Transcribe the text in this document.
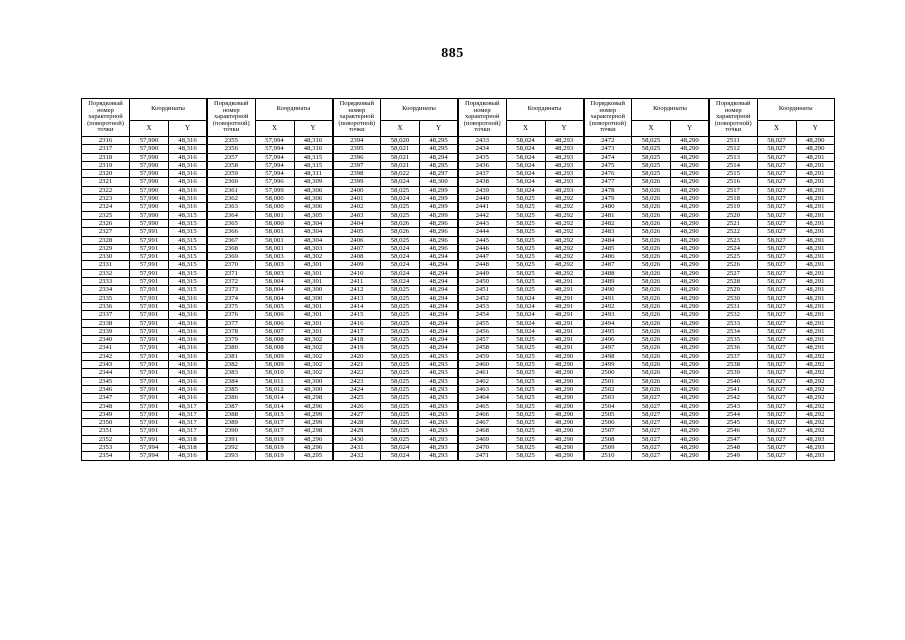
885
Порядковый номер характерной (поворотной) точки	Координаты		Порядковый номер характерной (поворотной) точки	Координаты		Порядковый номер характерной (поворотной) точки	Координаты		Порядковый номер характерной (поворотной) точки	Координаты		Порядковый номер характерной (поворотной) точки	Координаты		Порядковый номер характерной (поворотной) точки	Координаты	
	X	Y		X	Y		X	Y		X	Y		X	Y		X	Y
2316	57,990	48,316	2355	57,994	48,316	2394	58,020	48,295	2433	58,024	48,293	2472	58,025	48,290	2511	58,027	48,290
2317	57,990	48,316	2356	57,994	48,316	2395	58,021	48,295	2434	58,024	48,293	2473	58,025	48,290	2512	58,027	48,290
2318	57,990	48,316	2357	57,994	48,315	2396	58,021	48,294	2435	58,024	48,293	2474	58,025	48,290	2513	58,027	48,291
2319	57,990	48,316	2358	57,994	48,315	2397	58,021	48,295	2436	58,024	48,293	2475	58,025	48,290	2514	58,027	48,291
2320	57,990	48,316	2359	57,994	48,311	2398	58,022	48,297	2437	58,024	48,293	2476	58,025	48,290	2515	58,027	48,291
2321	57,990	48,316	2360	57,996	48,309	2399	58,024	48,300	2438	58,024	48,293	2477	58,026	48,290	2516	58,027	48,291
2322	57,990	48,316	2361	57,999	48,306	2400	58,025	48,299	2439	58,024	48,293	2478	58,026	48,290	2517	58,027	48,291
2323	57,990	48,316	2362	58,000	48,306	2401	58,024	48,299	2440	58,025	48,292	2479	58,026	48,290	2518	58,027	48,291
2324	57,990	48,316	2363	58,000	48,306	2402	58,025	48,299	2441	58,025	48,292	2480	58,026	48,290	2519	58,027	48,291
2325	57,990	48,315	2364	58,001	48,305	2403	58,025	48,299	2442	58,025	48,292	2481	58,026	48,290	2520	58,027	48,291
2326	57,990	48,315	2365	58,000	48,304	2404	58,026	48,296	2443	58,025	48,292	2482	58,026	48,290	2521	58,027	48,291
2327	57,991	48,315	2366	58,001	48,304	2405	58,026	48,296	2444	58,025	48,292	2483	58,026	48,290	2522	58,027	48,291
2328	57,991	48,315	2367	58,001	48,304	2406	58,025	48,296	2445	58,025	48,292	2484	58,026	48,290	2523	58,027	48,291
2329	57,991	48,315	2368	58,001	48,303	2407	58,024	48,296	2446	58,025	48,292	2485	58,026	48,290	2524	58,027	48,291
2330	57,991	48,315	2369	58,003	48,302	2408	58,024	48,294	2447	58,025	48,292	2486	58,026	48,290	2525	58,027	48,291
2331	57,991	48,315	2370	58,003	48,301	2409	58,024	48,294	2448	58,025	48,292	2487	58,026	48,290	2526	58,027	48,291
2332	57,991	48,315	2371	58,003	48,301	2410	58,024	48,294	2449	58,025	48,292	2488	58,026	48,290	2527	58,027	48,291
2333	57,991	48,315	2372	58,004	48,301	2411	58,024	48,294	2450	58,025	48,291	2489	58,026	48,290	2528	58,027	48,291
2334	57,991	48,315	2373	58,004	48,300	2412	58,025	48,294	2451	58,025	48,291	2490	58,026	48,290	2529	58,027	48,291
2335	57,991	48,316	2374	58,004	48,300	2413	58,025	48,294	2452	58,024	48,291	2491	58,026	48,290	2530	58,027	48,291
2336	57,991	48,316	2375	58,005	48,301	2414	58,025	48,294	2453	58,024	48,291	2492	58,026	48,290	2531	58,027	48,291
2337	57,991	48,316	2376	58,006	48,301	2415	58,025	48,294	2454	58,024	48,291	2493	58,026	48,290	2532	58,027	48,291
2338	57,991	48,316	2377	58,006	48,301	2416	58,025	48,294	2455	58,024	48,291	2494	58,026	48,290	2533	58,027	48,291
2339	57,991	48,316	2378	58,007	48,301	2417	58,025	48,294	2456	58,024	48,291	2495	58,026	48,290	2534	58,027	48,291
2340	57,991	48,316	2379	58,008	48,302	2418	58,025	48,294	2457	58,025	48,291	2496	58,026	48,290	2535	58,027	48,291
2341	57,991	48,316	2380	58,008	48,302	2419	58,025	48,294	2458	58,025	48,291	2497	58,026	48,290	2536	58,027	48,291
2342	57,991	48,316	2381	58,009	48,302	2420	58,025	48,293	2459	58,025	48,290	2498	58,026	48,290	2537	58,027	48,292
2343	57,991	48,316	2382	58,009	48,302	2421	58,025	48,293	2460	58,025	48,290	2499	58,026	48,290	2538	58,027	48,292
2344	57,991	48,316	2383	58,010	48,302	2422	58,025	48,293	2461	58,025	48,290	2500	58,026	48,290	2539	58,027	48,292
2345	57,991	48,316	2384	58,011	48,300	2423	58,025	48,293	2462	58,025	48,290	2501	58,026	48,290	2540	58,027	48,292
2346	57,991	48,316	2385	58,012	48,300	2424	58,025	48,293	2463	58,025	48,290	2502	58,026	48,290	2541	58,027	48,292
2347	57,991	48,316	2386	58,014	48,298	2425	58,025	48,293	2464	58,025	48,290	2503	58,027	48,290	2542	58,027	48,292
2348	57,991	48,317	2387	58,014	48,296	2426	58,025	48,293	2465	58,025	48,290	2504	58,027	48,290	2543	58,027	48,292
2349	57,991	48,317	2388	58,015	48,299	2427	58,025	48,293	2466	58,025	48,290	2505	58,027	48,290	2544	58,027	48,292
2350	57,991	48,317	2389	58,017	48,299	2428	58,025	48,293	2467	58,025	48,290	2506	58,027	48,290	2545	58,027	48,292
2351	57,991	48,317	2390	58,017	48,298	2429	58,025	48,293	2468	58,025	48,290	2507	58,027	48,290	2546	58,027	48,292
2352	57,991	48,318	2391	58,019	48,296	2430	58,025	48,293	2469	58,025	48,290	2508	58,027	48,290	2547	58,027	48,293
2353	57,994	48,318	2392	58,019	48,296	2431	58,024	48,293	2470	58,025	48,290	2509	58,027	48,290	2548	58,027	48,293
2354	57,994	48,316	2393	58,019	48,295	2432	58,024	48,293	2471	58,025	48,290	2510	58,027	48,290	2549	58,027	48,293
